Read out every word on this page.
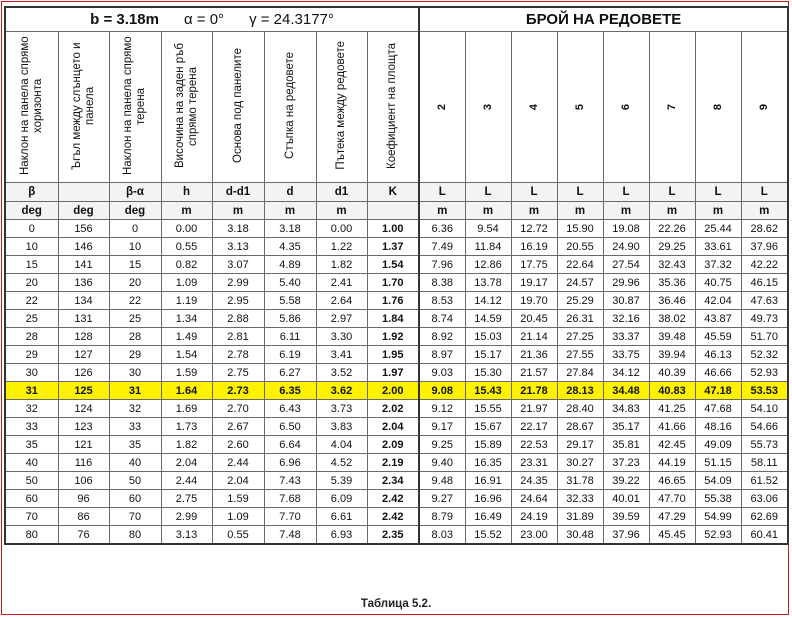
b = 3.18m α = 0° γ = 24.3177°								БРОЙ НА РЕДОВЕТЕ							
Наклон на панела спрямо хоризонта	Ъгъл между слънцето и панела	Наклон на панела спрямо терена	Височина на заден ръб спрямо терена	Основа под панелите	Стъпка на редовете	Пътека между редовете	Коефициент на площта	2	3	4	5	6	7	8	9
β		β-α	h	d-d1	d	d1	K	L	L	L	L	L	L	L	L
deg	deg	deg	m	m	m	m		m	m	m	m	m	m	m	m
0	156	0	0.00	3.18	3.18	0.00	1.00	6.36	9.54	12.72	15.90	19.08	22.26	25.44	28.62
10	146	10	0.55	3.13	4.35	1.22	1.37	7.49	11.84	16.19	20.55	24.90	29.25	33.61	37.96
15	141	15	0.82	3.07	4.89	1.82	1.54	7.96	12.86	17.75	22.64	27.54	32.43	37.32	42.22
20	136	20	1.09	2.99	5.40	2.41	1.70	8.38	13.78	19.17	24.57	29.96	35.36	40.75	46.15
22	134	22	1.19	2.95	5.58	2.64	1.76	8.53	14.12	19.70	25.29	30.87	36.46	42.04	47.63
25	131	25	1.34	2.88	5.86	2.97	1.84	8.74	14.59	20.45	26.31	32.16	38.02	43.87	49.73
28	128	28	1.49	2.81	6.11	3.30	1.92	8.92	15.03	21.14	27.25	33.37	39.48	45.59	51.70
29	127	29	1.54	2.78	6.19	3.41	1.95	8.97	15.17	21.36	27.55	33.75	39.94	46.13	52.32
30	126	30	1.59	2.75	6.27	3.52	1.97	9.03	15.30	21.57	27.84	34.12	40.39	46.66	52.93
31	125	31	1.64	2.73	6.35	3.62	2.00	9.08	15.43	21.78	28.13	34.48	40.83	47.18	53.53
32	124	32	1.69	2.70	6.43	3.73	2.02	9.12	15.55	21.97	28.40	34.83	41.25	47.68	54.10
33	123	33	1.73	2.67	6.50	3.83	2.04	9.17	15.67	22.17	28.67	35.17	41.66	48.16	54.66
35	121	35	1.82	2.60	6.64	4.04	2.09	9.25	15.89	22.53	29.17	35.81	42.45	49.09	55.73
40	116	40	2.04	2.44	6.96	4.52	2.19	9.40	16.35	23.31	30.27	37.23	44.19	51.15	58.11
50	106	50	2.44	2.04	7.43	5.39	2.34	9.48	16.91	24.35	31.78	39.22	46.65	54.09	61.52
60	96	60	2.75	1.59	7.68	6.09	2.42	9.27	16.96	24.64	32.33	40.01	47.70	55.38	63.06
70	86	70	2.99	1.09	7.70	6.61	2.42	8.79	16.49	24.19	31.89	39.59	47.29	54.99	62.69
80	76	80	3.13	0.55	7.48	6.93	2.35	8.03	15.52	23.00	30.48	37.96	45.45	52.93	60.41
Таблица 5.2.
